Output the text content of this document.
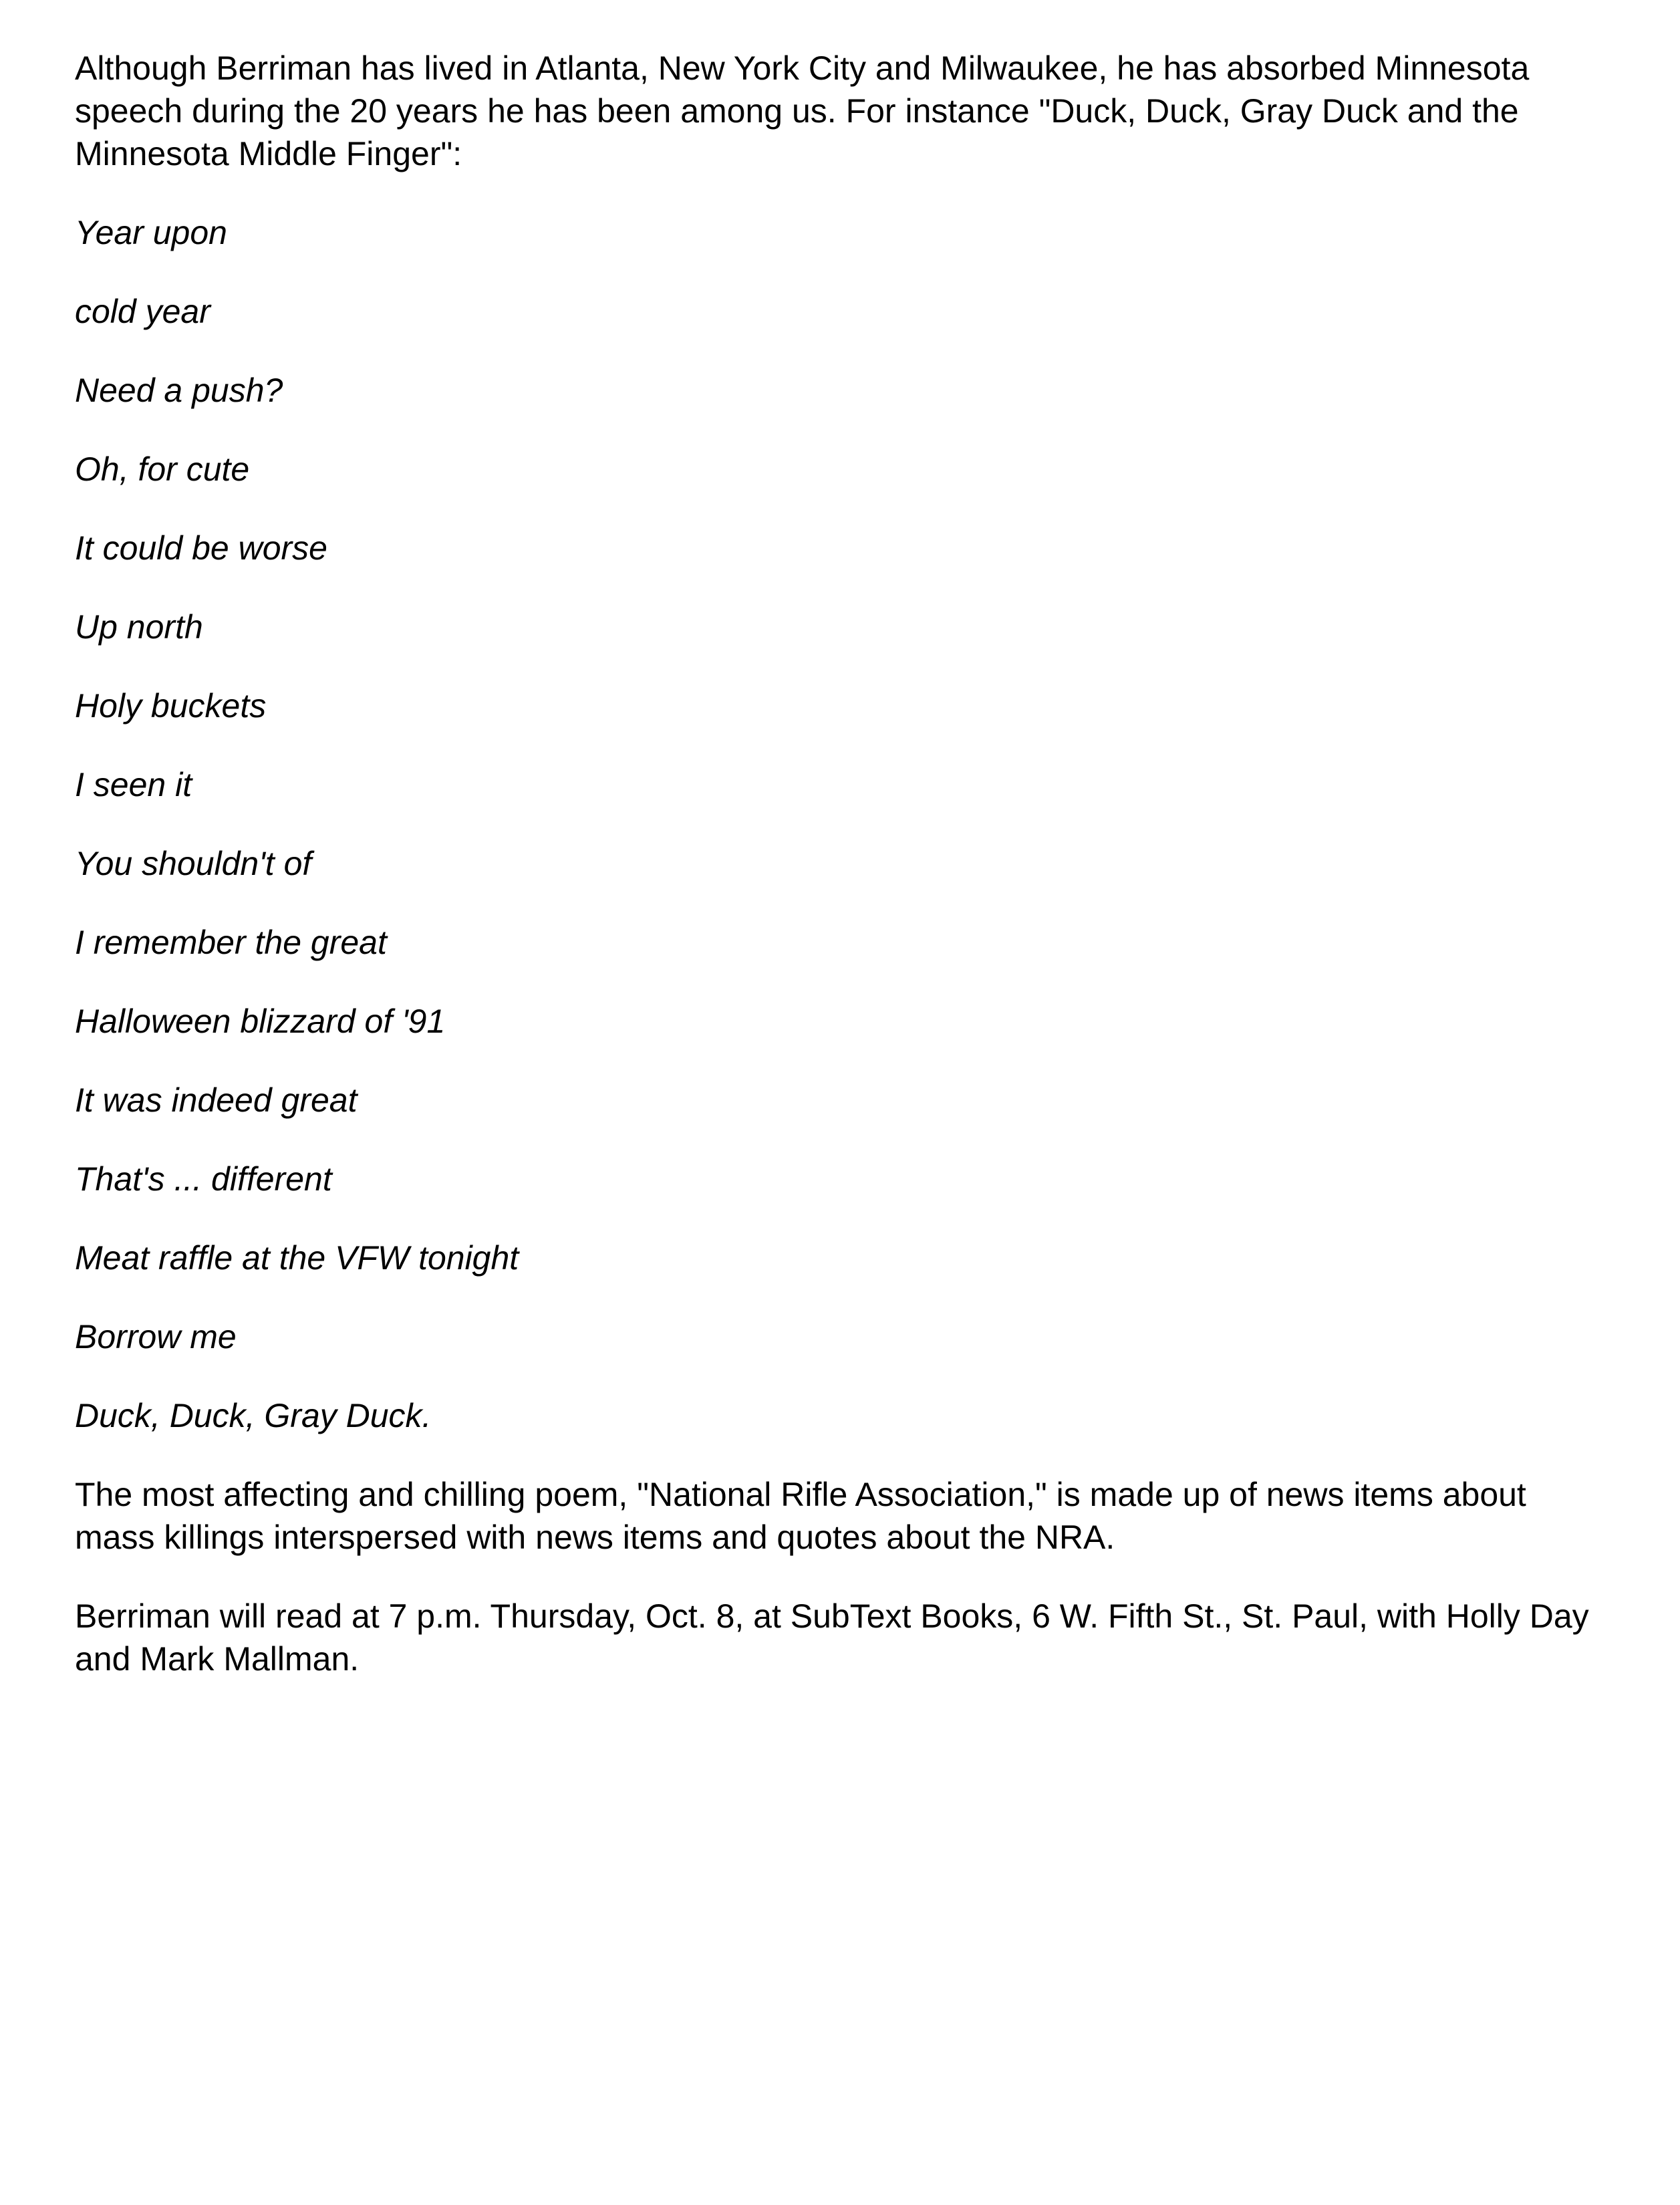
Although Berriman has lived in Atlanta, New York City and Milwaukee, he has absorbed Minnesota speech during the 20 years he has been among us. For instance "Duck, Duck, Gray Duck and the Minnesota Middle Finger":

Year upon

cold year

Need a push?

Oh, for cute

It could be worse

Up north

Holy buckets

I seen it

You shouldn't of

I remember the great

Halloween blizzard of '91

It was indeed great

That's ... different

Meat raffle at the VFW tonight

Borrow me

Duck, Duck, Gray Duck.

The most affecting and chilling poem, "National Rifle Association," is made up of news items about mass killings interspersed with news items and quotes about the NRA.

Berriman will read at 7 p.m. Thursday, Oct. 8, at SubText Books, 6 W. Fifth St., St. Paul, with Holly Day and Mark Mallman.
